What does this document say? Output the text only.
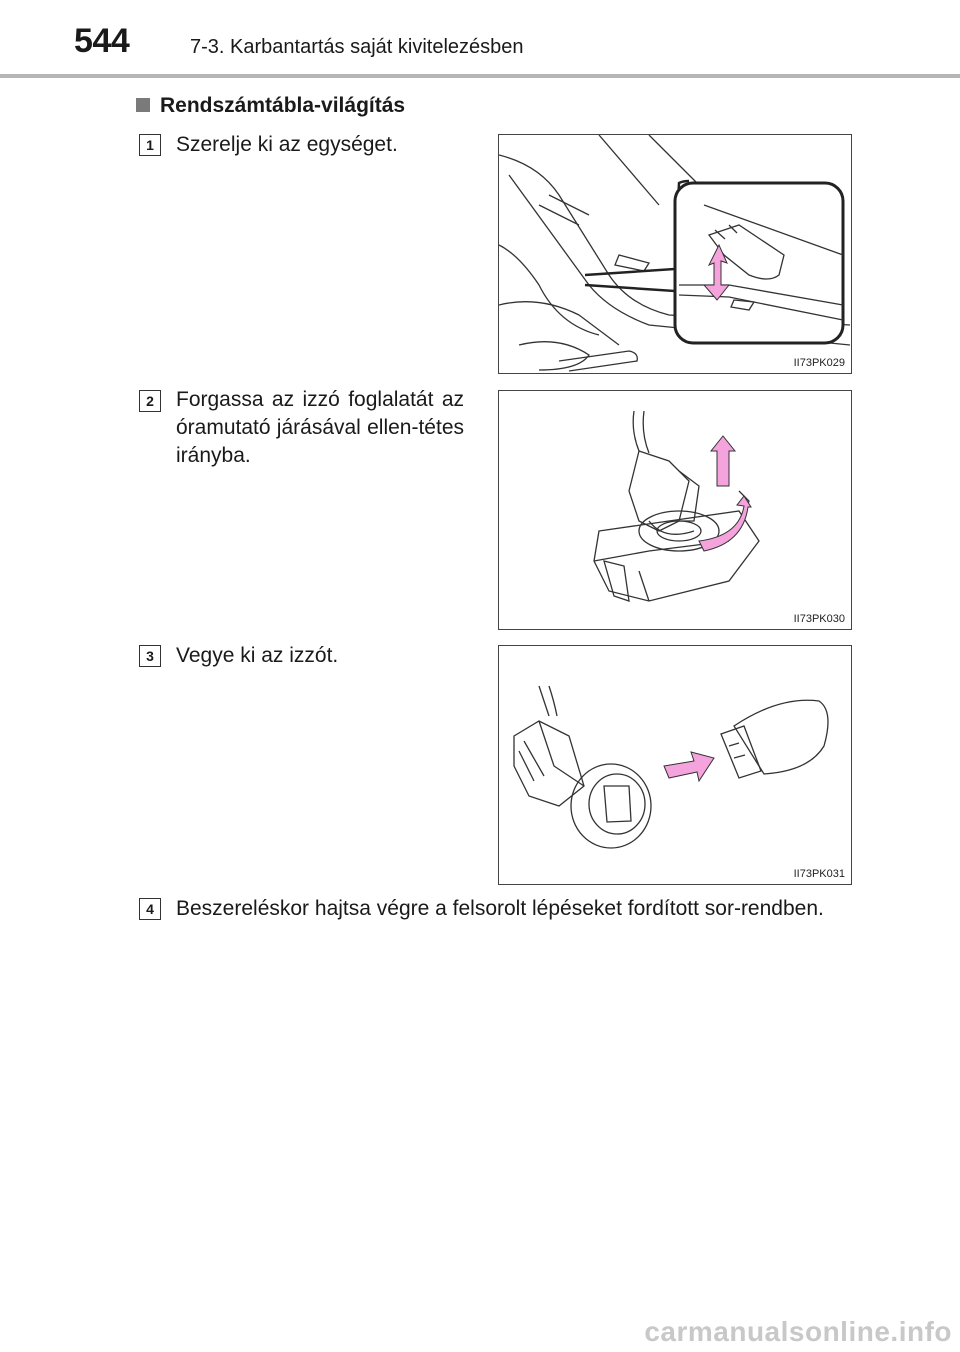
544	7-3. Karbantartás saját kivitelezésben
Rendszámtábla-világítás
1	Szerelje ki az egységet.
II73PK029
2	Forgassa az izzó foglalatát az óramutató járásával ellen-tétes irányba.
II73PK030
3	Vegye ki az izzót.
II73PK031
4	Beszereléskor hajtsa végre a felsorolt lépéseket fordított sor-rendben.
carmanualsonline.info
